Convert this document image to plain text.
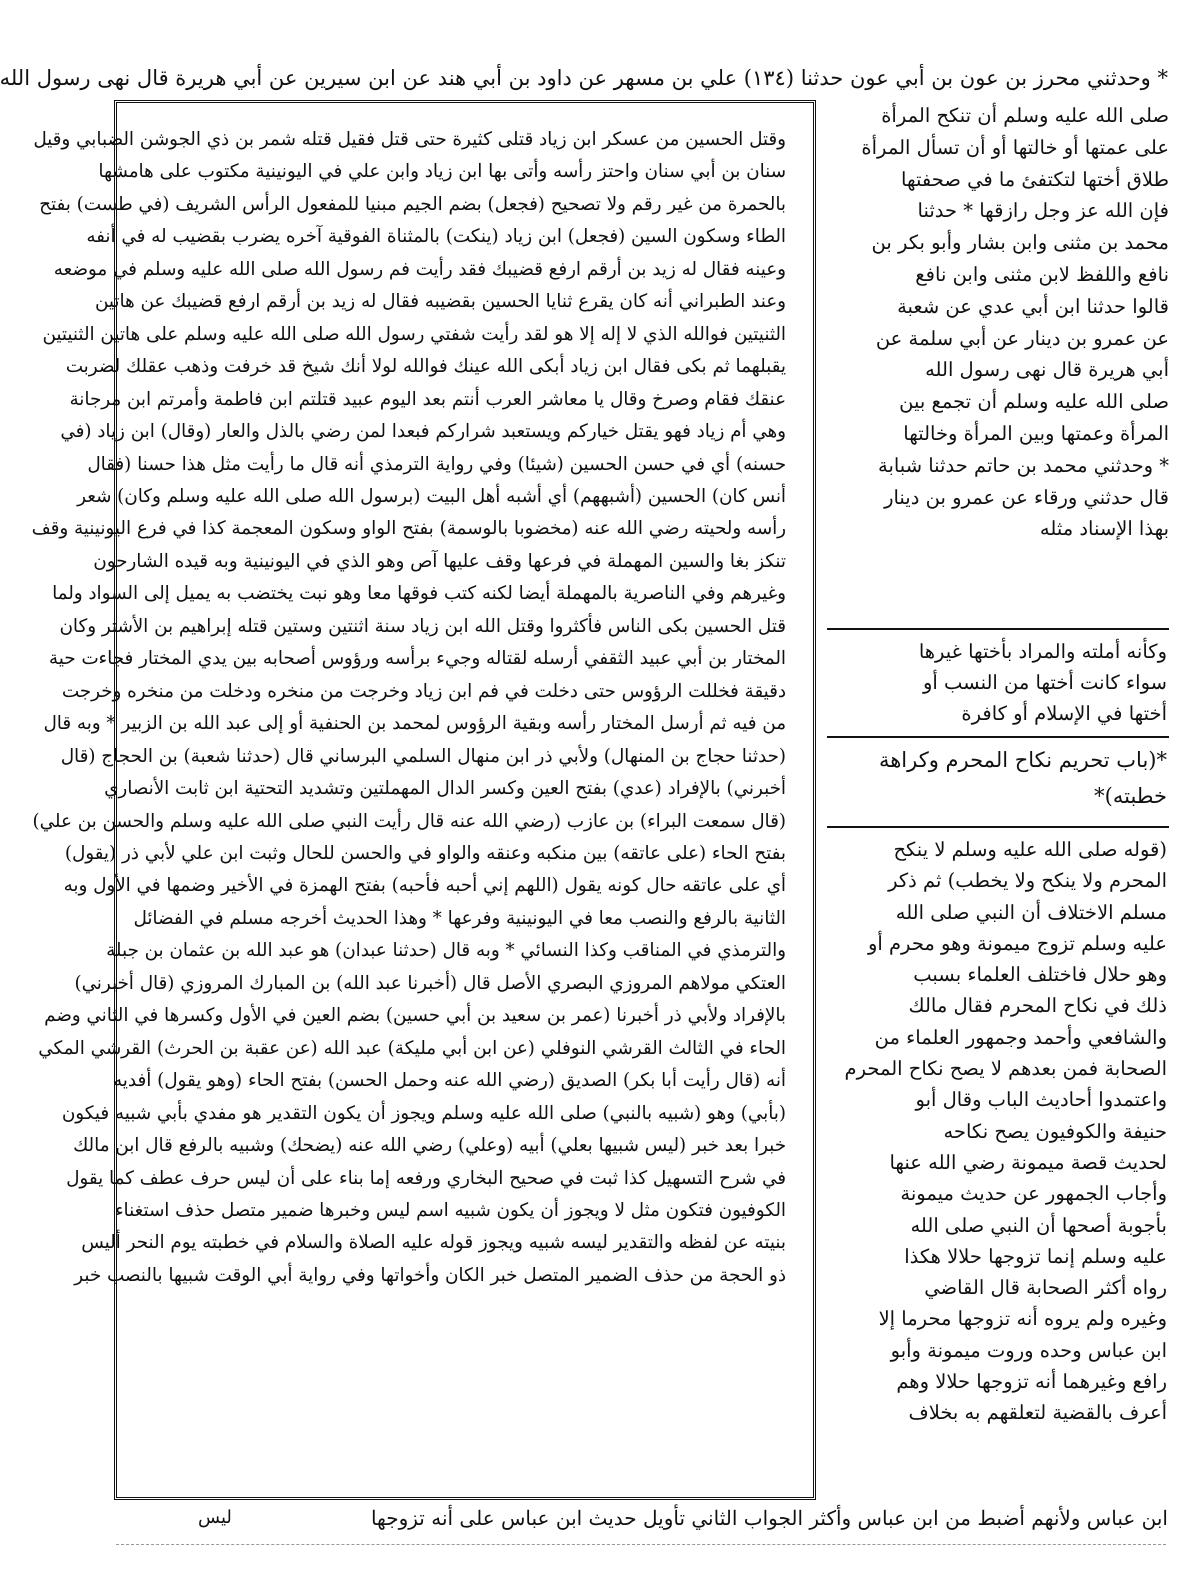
* وحدثني محرز بن عون بن أبي عون حدثنا (١٣٤) علي بن مسهر عن داود بن أبي هند عن ابن سيرين عن أبي هريرة قال نهى رسول الله

وقتل الحسين من عسكر ابن زياد قتلى كثيرة حتى قتل فقيل قتله شمر بن ذي الجوشن الضبابي وقيل

سنان بن أبي سنان واحتز رأسه وأتى بها ابن زياد وابن علي في اليونينية مكتوب على هامشها

بالحمرة من غير رقم ولا تصحيح (فجعل) بضم الجيم مبنيا للمفعول الرأس الشريف (في طست) بفتح

الطاء وسكون السين (فجعل) ابن زياد (ينكت) بالمثناة الفوقية آخره يضرب بقضيب له في أنفه

وعينه فقال له زيد بن أرقم ارفع قضيبك فقد رأيت فم رسول الله صلى الله عليه وسلم في موضعه

وعند الطبراني أنه كان يقرع ثنايا الحسين بقضيبه فقال له زيد بن أرقم ارفع قضيبك عن هاتين

الثنيتين فوالله الذي لا إله إلا هو لقد رأيت شفتي رسول الله صلى الله عليه وسلم على هاتين الثنيتين

يقبلهما ثم بكى فقال ابن زياد أبكى الله عينك فوالله لولا أنك شيخ قد خرفت وذهب عقلك لضربت

عنقك فقام وصرخ وقال يا معاشر العرب أنتم بعد اليوم عبيد قتلتم ابن فاطمة وأمرتم ابن مرجانة

وهي أم زياد فهو يقتل خياركم ويستعبد شراركم فبعدا لمن رضي بالذل والعار (وقال) ابن زياد (في

حسنه) أي في حسن الحسين (شيئا) وفي رواية الترمذي أنه قال ما رأيت مثل هذا حسنا (فقال

أنس كان) الحسين (أشبههم) أي أشبه أهل البيت (برسول الله صلى الله عليه وسلم وكان) شعر

رأسه ولحيته رضي الله عنه (مخضوبا بالوسمة) بفتح الواو وسكون المعجمة كذا في فرع اليونينية وقف

تنكز بغا والسين المهملة في فرعها وقف عليها آص وهو الذي في اليونينية وبه قيده الشارحون

وغيرهم وفي الناصرية بالمهملة أيضا لكنه كتب فوقها معا وهو نبت يختضب به يميل إلى السواد ولما

قتل الحسين بكى الناس فأكثروا وقتل الله ابن زياد سنة اثنتين وستين قتله إبراهيم بن الأشتر وكان

المختار بن أبي عبيد الثقفي أرسله لقتاله وجيء برأسه ورؤوس أصحابه بين يدي المختار فجاءت حية

دقيقة فخللت الرؤوس حتى دخلت في فم ابن زياد وخرجت من منخره ودخلت من منخره وخرجت

من فيه ثم أرسل المختار رأسه وبقية الرؤوس لمحمد بن الحنفية أو إلى عبد الله بن الزبير * وبه قال

(حدثنا حجاج بن المنهال) ولأبي ذر ابن منهال السلمي البرساني قال (حدثنا شعبة) بن الحجاج (قال

أخبرني) بالإفراد (عدي) بفتح العين وكسر الدال المهملتين وتشديد التحتية ابن ثابت الأنصاري

(قال سمعت البراء) بن عازب (رضي الله عنه قال رأيت النبي صلى الله عليه وسلم والحسن بن علي)

بفتح الحاء (على عاتقه) بين منكبه وعنقه والواو في والحسن للحال وثبت ابن علي لأبي ذر (يقول)

أي على عاتقه حال كونه يقول (اللهم إني أحبه فأحبه) بفتح الهمزة في الأخير وضمها في الأول وبه

الثانية بالرفع والنصب معا في اليونينية وفرعها * وهذا الحديث أخرجه مسلم في الفضائل

والترمذي في المناقب وكذا النسائي * وبه قال (حدثنا عبدان) هو عبد الله بن عثمان بن جبلة

العتكي مولاهم المروزي البصري الأصل قال (أخبرنا عبد الله) بن المبارك المروزي (قال أخبرني)

بالإفراد ولأبي ذر أخبرنا (عمر بن سعيد بن أبي حسين) بضم العين في الأول وكسرها في الثاني وضم

الحاء في الثالث القرشي النوفلي (عن ابن أبي مليكة) عبد الله (عن عقبة بن الحرث) القرشي المكي

أنه (قال رأيت أبا بكر) الصديق (رضي الله عنه وحمل الحسن) بفتح الحاء (وهو يقول) أفديه

(بأبي) وهو (شبيه بالنبي) صلى الله عليه وسلم ويجوز أن يكون التقدير هو مفدي بأبي شبيه فيكون

خبرا بعد خبر (ليس شبيها بعلي) أبيه (وعلي) رضي الله عنه (يضحك) وشبيه بالرفع قال ابن مالك

في شرح التسهيل كذا ثبت في صحيح البخاري ورفعه إما بناء على أن ليس حرف عطف كما يقول

الكوفيون فتكون مثل لا ويجوز أن يكون شبيه اسم ليس وخبرها ضمير متصل حذف استغناء

بنيته عن لفظه والتقدير ليسه شبيه ويجوز قوله عليه الصلاة والسلام في خطبته يوم النحر أليس

ذو الحجة من حذف الضمير المتصل خبر الكان وأخواتها وفي رواية أبي الوقت شبيها بالنصب خبر

صلى الله عليه وسلم أن تنكح المرأة

على عمتها أو خالتها أو أن تسأل المرأة

طلاق أختها لتكتفئ ما في صحفتها

فإن الله عز وجل رازقها * حدثنا

محمد بن مثنى وابن بشار وأبو بكر بن

نافع واللفظ لابن مثنى وابن نافع

قالوا حدثنا ابن أبي عدي عن شعبة

عن عمرو بن دينار عن أبي سلمة عن

أبي هريرة قال نهى رسول الله

صلى الله عليه وسلم أن تجمع بين

المرأة وعمتها وبين المرأة وخالتها

* وحدثني محمد بن حاتم حدثنا شبابة

قال حدثني ورقاء عن عمرو بن دينار

بهذا الإسناد مثله

وكأنه أملته والمراد بأختها غيرها

سواء كانت أختها من النسب أو

أختها في الإسلام أو كافرة

*(باب تحريم نكاح المحرم وكراهة

خطبته)*

(قوله صلى الله عليه وسلم لا ينكح

المحرم ولا ينكح ولا يخطب) ثم ذكر

مسلم الاختلاف أن النبي صلى الله

عليه وسلم تزوج ميمونة وهو محرم أو

وهو حلال فاختلف العلماء بسبب

ذلك في نكاح المحرم فقال مالك

والشافعي وأحمد وجمهور العلماء من

الصحابة فمن بعدهم لا يصح نكاح المحرم

واعتمدوا أحاديث الباب وقال أبو

حنيفة والكوفيون يصح نكاحه

لحديث قصة ميمونة رضي الله عنها

وأجاب الجمهور عن حديث ميمونة

بأجوبة أصحها أن النبي صلى الله

عليه وسلم إنما تزوجها حلالا هكذا

رواه أكثر الصحابة قال القاضي

وغيره ولم يروه أنه تزوجها محرما إلا

ابن عباس وحده وروت ميمونة وأبو

رافع وغيرهما أنه تزوجها حلالا وهم

أعرف بالقضية لتعلقهم به بخلاف

ابن عباس ولأنهم أضبط من ابن عباس وأكثر الجواب الثاني تأويل حديث ابن عباس على أنه تزوجها
ليس
